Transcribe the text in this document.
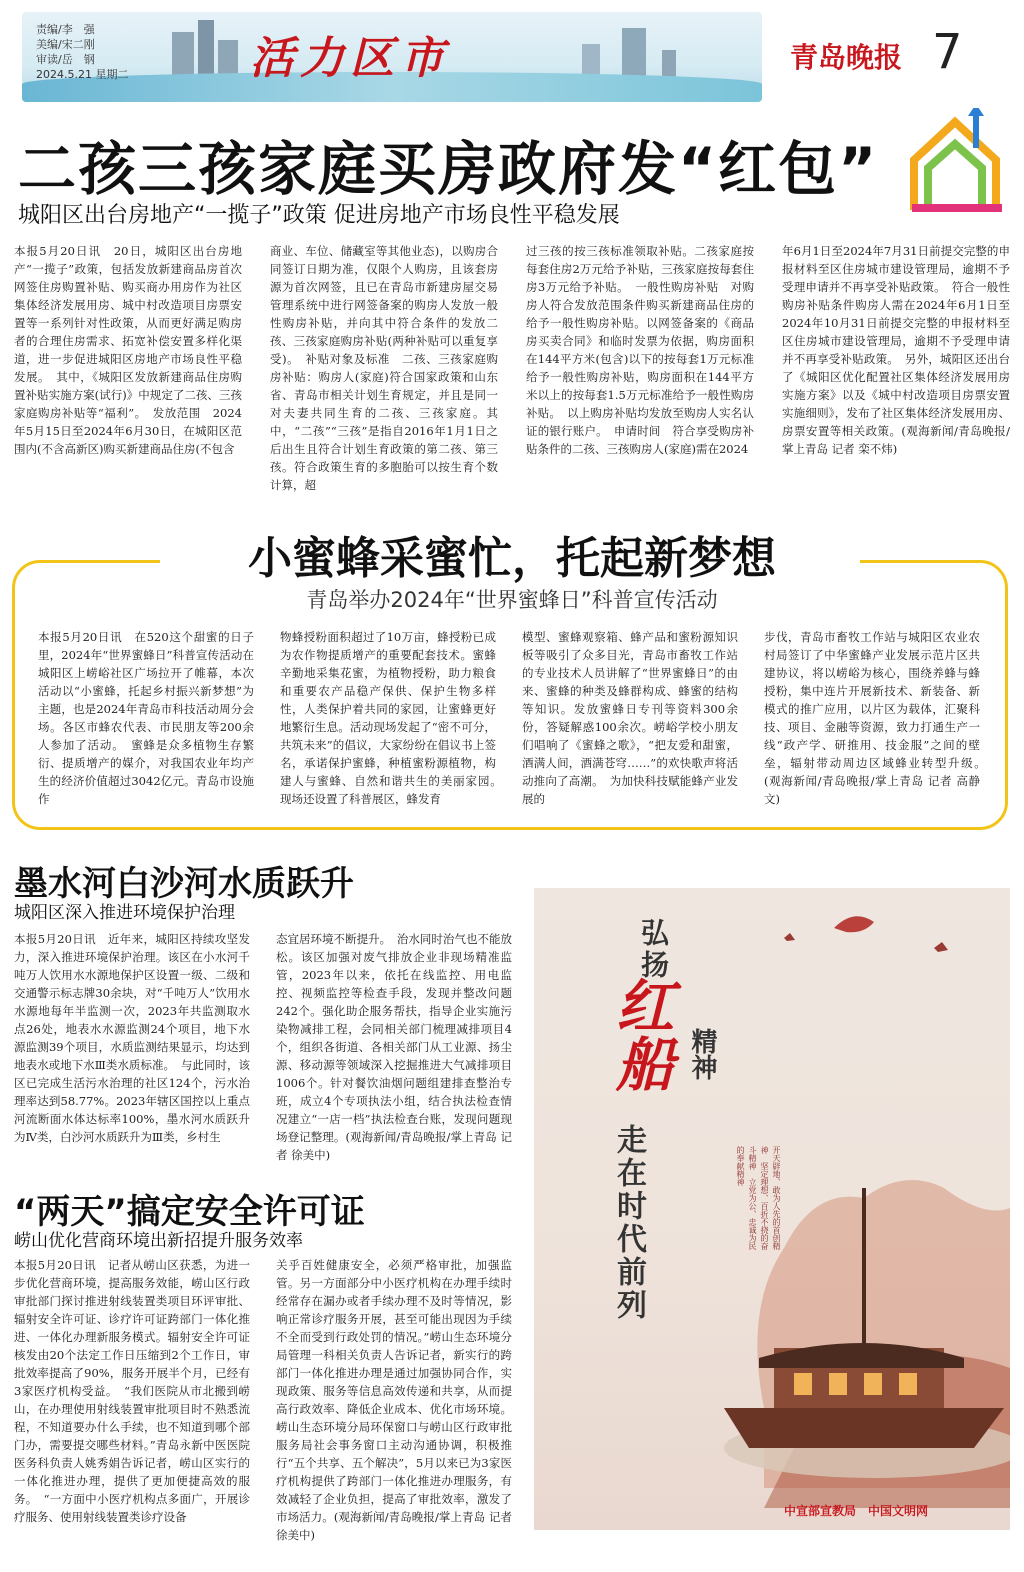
责编/李　强
美编/宋二刚
审读/岳　钢
2024.5.21 星期二	活力区市	青岛晚报 7
二孩三孩家庭买房政府发“红包”
城阳区出台房地产“一揽子”政策 促进房地产市场良性平稳发展
本报5月20日讯　20日，城阳区出台房地产“一揽子”政策，包括发放新建商品房首次网签住房购置补贴、购买商办用房作为社区集体经济发展用房、城中村改造项目房票安置等一系列针对性政策，从而更好满足购房者的合理住房需求、拓宽补偿安置多样化渠道，进一步促进城阳区房地产市场良性平稳发展。　其中，《城阳区发放新建商品住房购置补贴实施方案(试行)》中规定了二孩、三孩家庭购房补贴等“福利”。　发放范围　2024年5月15日至2024年6月30日，在城阳区范围内(不含高新区)购买新建商品住房(不包含
商业、车位、储藏室等其他业态)，以购房合同签订日期为准，仅限个人购房，且该套房源为首次网签，且已在青岛市新建房屋交易管理系统中进行网签备案的购房人发放一般性购房补贴，并向其中符合条件的发放二孩、三孩家庭购房补贴(两种补贴可以重复享受)。　补贴对象及标准　二孩、三孩家庭购房补贴：购房人(家庭)符合国家政策和山东省、青岛市相关计划生育规定，并且是同一对夫妻共同生育的二孩、三孩家庭。其中，“二孩”“三孩”是指自2016年1月1日之后出生且符合计划生育政策的第二孩、第三孩。符合政策生育的多胞胎可以按生育个数计算，超
过三孩的按三孩标准领取补贴。二孩家庭按每套住房2万元给予补贴，三孩家庭按每套住房3万元给予补贴。　一般性购房补贴　对购房人符合发放范围条件购买新建商品住房的给予一般性购房补贴。以网签备案的《商品房买卖合同》和临时发票为依据，购房面积在144平方米(包含)以下的按每套1万元标准给予一般性购房补贴，购房面积在144平方米以上的按每套1.5万元标准给予一般性购房补贴。　以上购房补贴均发放至购房人实名认证的银行账户。　申请时间　符合享受购房补贴条件的二孩、三孩购房人(家庭)需在2024
年6月1日至2024年7月31日前提交完整的申报材料至区住房城市建设管理局，逾期不予受理申请并不再享受补贴政策。　符合一般性购房补贴条件购房人需在2024年6月1日至2024年10月31日前提交完整的申报材料至区住房城市建设管理局，逾期不予受理申请并不再享受补贴政策。　另外，城阳区还出台了《城阳区优化配置社区集体经济发展用房实施方案》以及《城中村改造项目房票安置实施细则》，发布了社区集体经济发展用房、房票安置等相关政策。(观海新闻/青岛晚报/掌上青岛 记者 栾不炜)
小蜜蜂采蜜忙，托起新梦想
青岛举办2024年“世界蜜蜂日”科普宣传活动
本报5月20日讯　在520这个甜蜜的日子里，2024年“世界蜜蜂日”科普宣传活动在城阳区上崂峪社区广场拉开了帷幕，本次活动以“小蜜蜂，托起乡村振兴新梦想”为主题，也是2024年青岛市科技活动周分会场。各区市蜂农代表、市民朋友等200余人参加了活动。　蜜蜂是众多植物生存繁衍、提质增产的媒介，对我国农业年均产生的经济价值超过3042亿元。青岛市设施作
物蜂授粉面积超过了10万亩，蜂授粉已成为农作物提质增产的重要配套技术。蜜蜂辛勤地采集花蜜，为植物授粉，助力粮食和重要农产品稳产保供、保护生物多样性，人类保护着共同的家园，让蜜蜂更好地繁衍生息。活动现场发起了“密不可分，共筑未来”的倡议，大家纷纷在倡议书上签名，承诺保护蜜蜂，种植蜜粉源植物，构建人与蜜蜂、自然和谐共生的美丽家园。　现场还设置了科普展区，蜂发育
模型、蜜蜂观察箱、蜂产品和蜜粉源知识板等吸引了众多目光，青岛市畜牧工作站的专业技术人员讲解了“世界蜜蜂日”的由来、蜜蜂的种类及蜂群构成、蜂蜜的结构等知识。发放蜜蜂日专刊等资料300余份，答疑解惑100余次。崂峪学校小朋友们唱响了《蜜蜂之歌》，“把友爱和甜蜜，酒满人间，酒满苍穹……”的欢快歌声将活动推向了高潮。　为加快科技赋能蜂产业发展的
步伐，青岛市畜牧工作站与城阳区农业农村局签订了中华蜜蜂产业发展示范片区共建协议，将以崂峪为核心，围绕养蜂与蜂授粉，集中连片开展新技术、新装备、新模式的推广应用，以片区为载体，汇聚科技、项目、金融等资源，致力打通生产一线“政产学、研推用、技金服”之间的壁垒，辐射带动周边区域蜂业转型升级。　(观海新闻/青岛晚报/掌上青岛 记者 高静文)
墨水河白沙河水质跃升
城阳区深入推进环境保护治理
本报5月20日讯　近年来，城阳区持续攻坚发力，深入推进环境保护治理。该区在小水河千吨万人饮用水水源地保护区设置一级、二级和交通警示标志牌30余块，对“千吨万人”饮用水水源地每年半监测一次，2023年共监测取水点26处，地表水水源监测24个项目，地下水源监测39个项目，水质监测结果显示，均达到地表水或地下水Ⅲ类水质标准。　与此同时，该区已完成生活污水治理的社区124个，污水治理率达到58.77%。2023年辖区国控以上重点河流断面水体达标率100%，墨水河水质跃升为Ⅳ类，白沙河水质跃升为Ⅲ类，乡村生
态宜居环境不断提升。　治水同时治气也不能放松。该区加强对废气排放企业非现场精准监管，2023年以来，依托在线监控、用电监控、视频监控等检查手段，发现并整改问题242个。强化助企服务帮扶，指导企业实施污染物减排工程，会同相关部门梳理减排项目4个，组织各街道、各相关部门从工业源、扬尘源、移动源等领域深入挖掘推进大气减排项目1006个。针对餐饮油烟问题组建排查整治专班，成立4个专项执法小组，结合执法检查情况建立“一店一档”执法检查台账，发现问题现场登记整理。(观海新闻/青岛晚报/掌上青岛 记者 徐美中)
“两天”搞定安全许可证
崂山优化营商环境出新招提升服务效率
本报5月20日讯　记者从崂山区获悉，为进一步优化营商环境，提高服务效能，崂山区行政审批部门探讨推进射线装置类项目环评审批、辐射安全许可证、诊疗许可证跨部门一体化推进、一体化办理新服务模式。辐射安全许可证核发由20个法定工作日压缩到2个工作日，审批效率提高了90%，服务开展半个月，已经有3家医疗机构受益。　“我们医院从市北搬到崂山，在办理使用射线装置审批项目时不熟悉流程，不知道要办什么手续，也不知道到哪个部门办，需要提交哪些材料。”青岛永新中医医院医务科负责人姚秀娟告诉记者，崂山区实行的一体化推进办理，提供了更加便捷高效的服务。　“一方面中小医疗机构点多面广，开展诊疗服务、使用射线装置类诊疗设备
关乎百姓健康安全，必须严格审批，加强监管。另一方面部分中小医疗机构在办理手续时经常存在漏办或者手续办理不及时等情况，影响正常诊疗服务开展，甚至可能出现因为手续不全而受到行政处罚的情况。”崂山生态环境分局管理一科相关负责人告诉记者，新实行的跨部门一体化推进办理是通过加强协同合作，实现政策、服务等信息高效传递和共享，从而提高行政效率、降低企业成本、优化市场环境。崂山生态环境分局环保窗口与崂山区行政审批服务局社会事务窗口主动沟通协调，积极推行“五个共享、五个解决”，5月以来已为3家医疗机构提供了跨部门一体化推进办理服务，有效减轻了企业负担，提高了审批效率，激发了市场活力。(观海新闻/青岛晚报/掌上青岛 记者 徐美中)
弘扬
红船 精神
走在时代前列	开天辟地、敢为人先的首创精神　坚定理想、百折不挠的奋斗精神　立党为公、忠诚为民的奉献精神
中宣部宣教局　中国文明网
